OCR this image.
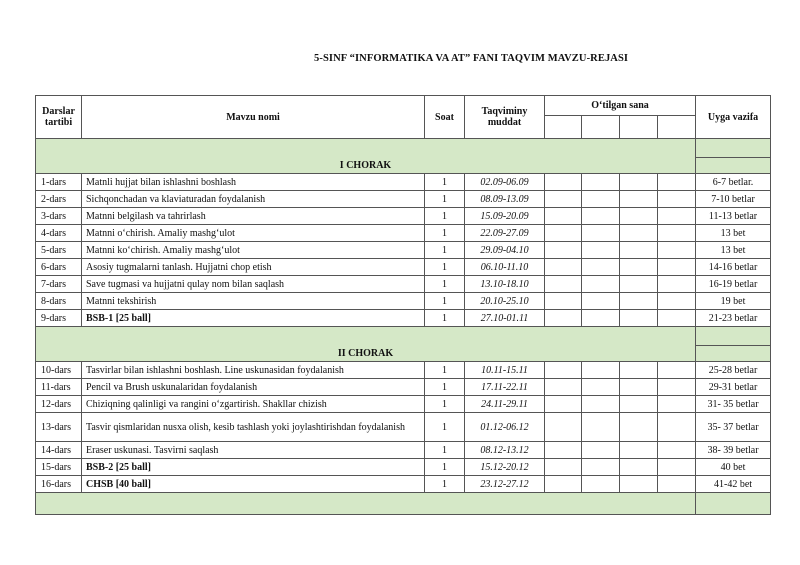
5-SINF “INFORMATIKA VA AT” FANI TAQVIM MAVZU-REJASI
Darslar
tartibi	Mavzu nomi	Soat	Taqviminy
muddat	O‘tilgan sana				Uyga vazifa

I CHORAK								
1-dars	Matnli hujjat bilan ishlashni boshlash	1	02.09-06.09					6-7 betlar.
2-dars	Sichqonchadan va klaviaturadan foydalanish	1	08.09-13.09					7-10 betlar
3-dars	Matnni belgilash va tahrirlash	1	15.09-20.09					11-13 betlar
4-dars	Matnni o‘chirish. Amaliy mashg‘ulot	1	22.09-27.09					13 bet
5-dars	Matnni ko‘chirish. Amaliy mashg‘ulot	1	29.09-04.10					13 bet
6-dars	Asosiy tugmalarni tanlash. Hujjatni chop etish	1	06.10-11.10					14-16 betlar
7-dars	Save tugmasi va hujjatni qulay nom bilan saqlash	1	13.10-18.10					16-19 betlar
8-dars	Matnni tekshirish	1	20.10-25.10					19 bet
9-dars	BSB-1 [25 ball]	1	27.10-01.11					21-23 betlar

II CHORAK								
10-dars	Tasvirlar bilan ishlashni boshlash. Line uskunasidan foydalanish	1	10.11-15.11					25-28 betlar
11-dars	Pencil va Brush uskunalaridan foydalanish	1	17.11-22.11					29-31 betlar
12-dars	Chiziqning qalinligi va rangini o‘zgartirish. Shakllar chizish	1	24.11-29.11					31- 35 betlar
13-dars	Tasvir qismlaridan nusxa olish, kesib tashlash yoki joylashtirishdan foydalanish	1	01.12-06.12					35- 37 betlar
14-dars	Eraser uskunasi. Tasvirni saqlash	1	08.12-13.12					38- 39 betlar
15-dars	BSB-2 [25 ball]	1	15.12-20.12					40 bet
16-dars	CHSB [40 ball]	1	23.12-27.12					41-42 bet
